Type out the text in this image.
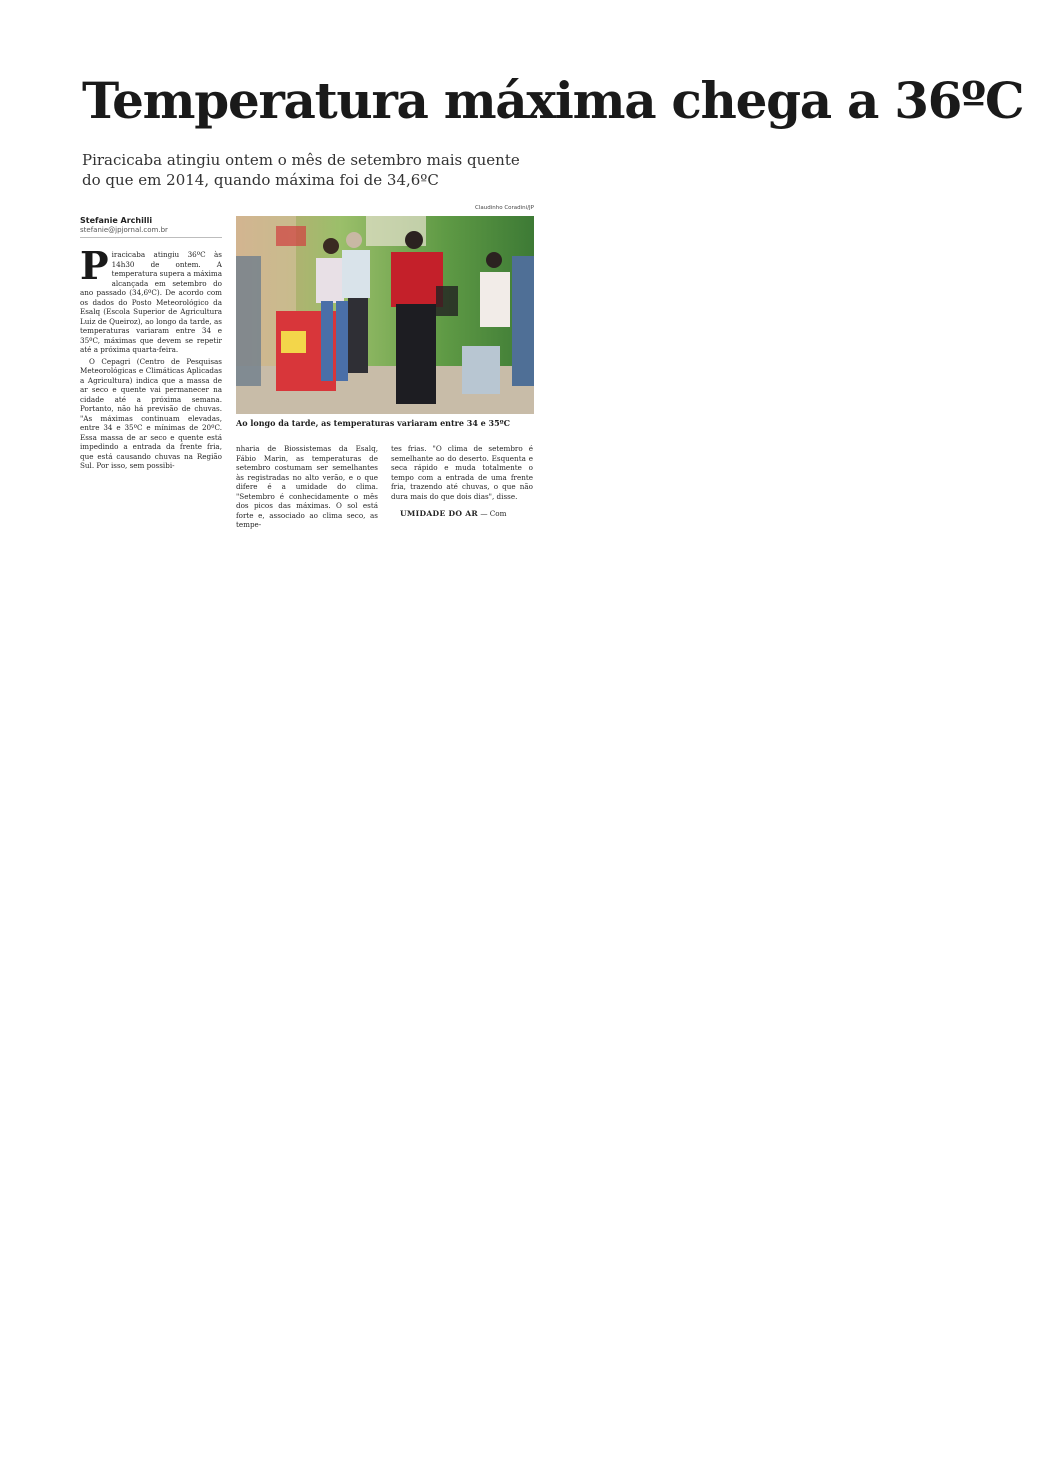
Temperatura máxima chega a 36ºC

Piracicaba atingiu ontem o mês de setembro mais quente do que em 2014, quando máxima foi de 34,6ºC

Stefanie Archilli
stefanie@jpjornal.com.br
Claudinho Coradini/JP

Ao longo da tarde, as temperaturas variaram entre 34 e 35ºC

Piracicaba atingiu 36ºC às 14h30 de ontem. A temperatura supera a máxima alcançada em setembro do ano passado (34,6ºC). De acordo com os dados do Posto Meteorológico da Esalq (Escola Superior de Agricultura Luiz de Queiroz), ao longo da tarde, as temperaturas variaram entre 34 e 35ºC, máximas que devem se repetir até a próxima quarta-feira.

O Cepagri (Centro de Pesquisas Meteorológicas e Climáticas Aplicadas a Agricultura) indica que a massa de ar seco e quente vai permanecer na cidade até a próxima semana. Portanto, não há previsão de chuvas. "As máximas continuam elevadas, entre 34 e 35ºC e mínimas de 20ºC. Essa massa de ar seco e quente está impedindo a entrada da frente fria, que está causando chuvas na Região Sul. Por isso, sem possibi-

nharia de Biossistemas da Esalq, Fábio Marin, as temperaturas de setembro costumam ser semelhantes às registradas no alto verão, e o que difere é a umidade do clima. "Setembro é conhecidamente o mês dos picos das máximas. O sol está forte e, associado ao clima seco, as tempe-

tes frias. "O clima de setembro é semelhante ao do deserto. Esquenta e seca rápido e muda totalmente o tempo com a entrada de uma frente fria, trazendo até chuvas, o que não dura mais do que dois dias", disse.

UMIDADE DO AR — Com
